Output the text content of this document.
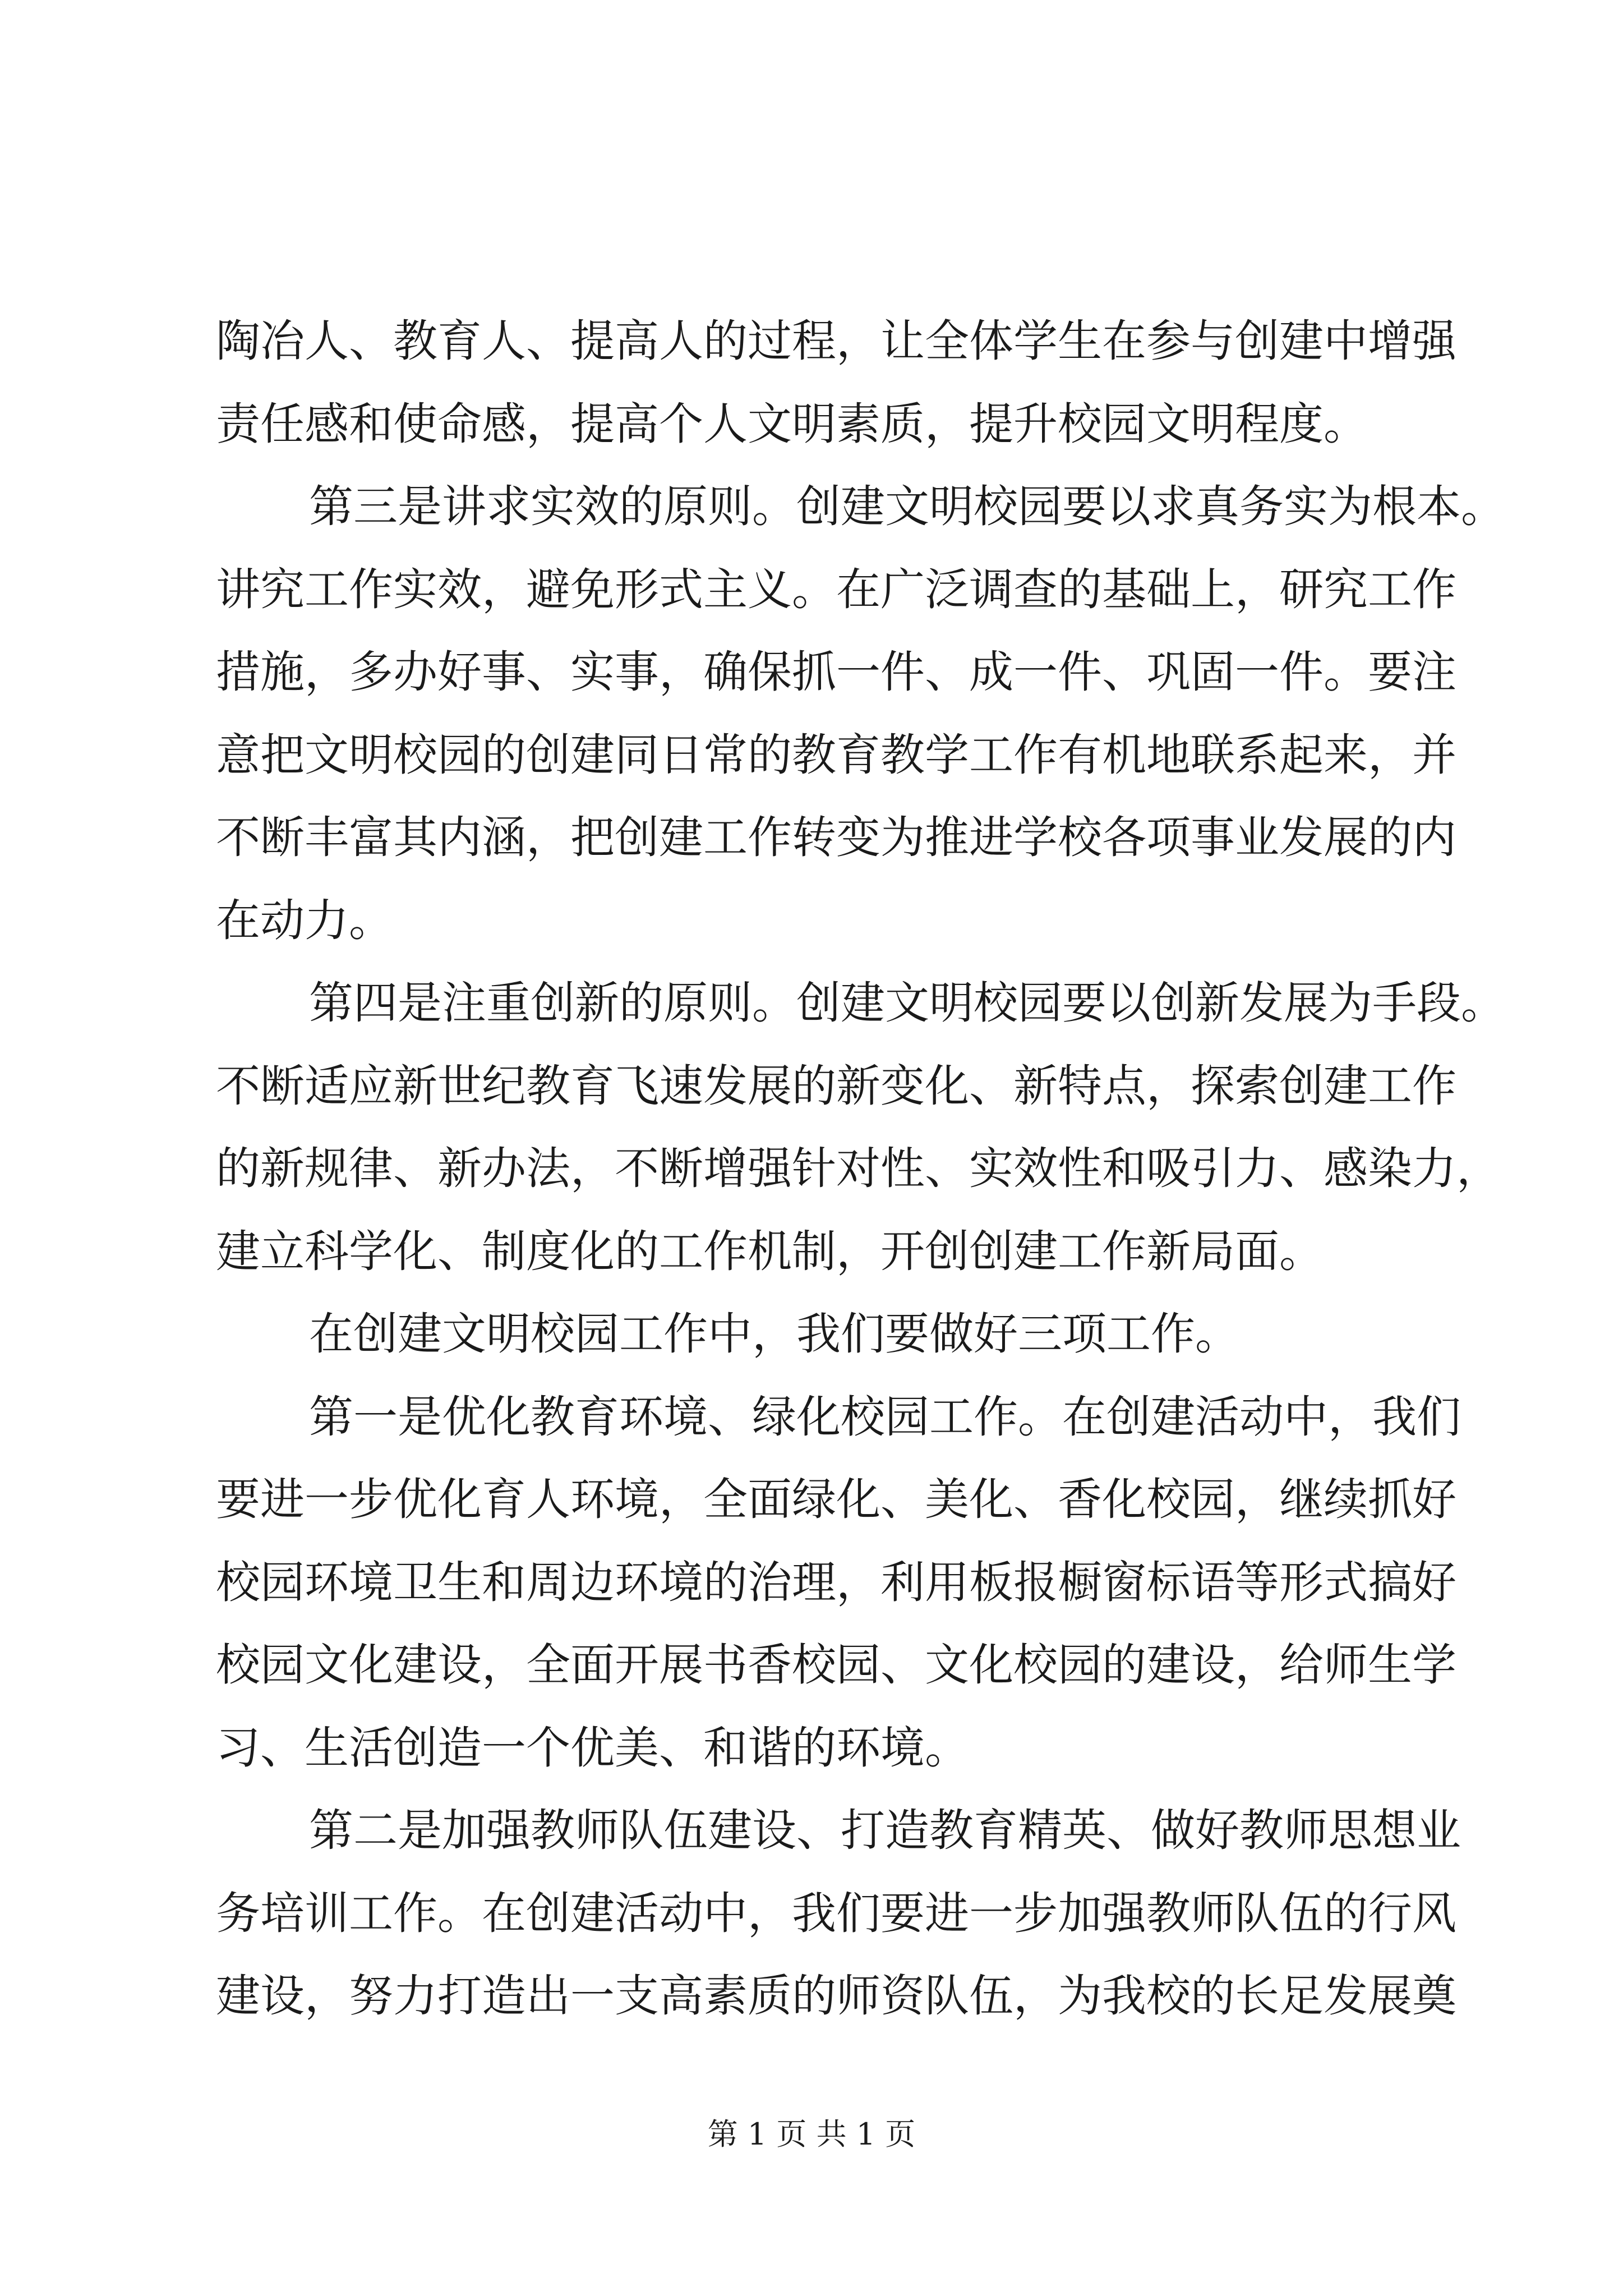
陶冶人、教育人、提高人的过程，让全体学生在参与创建中增强
责任感和使命感，提高个人文明素质，提升校园文明程度。
第三是讲求实效的原则。创建文明校园要以求真务实为根本。
讲究工作实效，避免形式主义。在广泛调查的基础上，研究工作
措施，多办好事、实事，确保抓一件、成一件、巩固一件。要注
意把文明校园的创建同日常的教育教学工作有机地联系起来，并
不断丰富其内涵，把创建工作转变为推进学校各项事业发展的内
在动力。
第四是注重创新的原则。创建文明校园要以创新发展为手段。
不断适应新世纪教育飞速发展的新变化、新特点，探索创建工作
的新规律、新办法，不断增强针对性、实效性和吸引力、感染力，
建立科学化、制度化的工作机制，开创创建工作新局面。
在创建文明校园工作中，我们要做好三项工作。
第一是优化教育环境、绿化校园工作。在创建活动中，我们
要进一步优化育人环境，全面绿化、美化、香化校园，继续抓好
校园环境卫生和周边环境的治理，利用板报橱窗标语等形式搞好
校园文化建设，全面开展书香校园、文化校园的建设，给师生学
习、生活创造一个优美、和谐的环境。
第二是加强教师队伍建设、打造教育精英、做好教师思想业
务培训工作。在创建活动中，我们要进一步加强教师队伍的行风
建设，努力打造出一支高素质的师资队伍，为我校的长足发展奠
第 1 页 共 1 页
